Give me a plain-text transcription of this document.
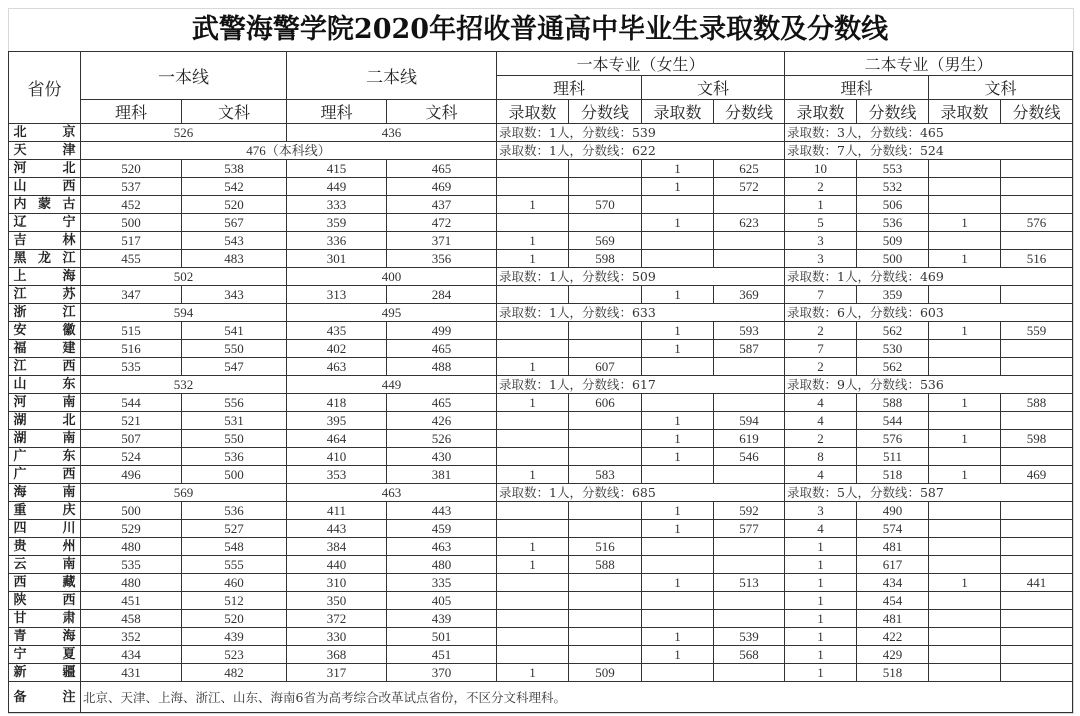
武警海警学院2020年招收普通高中毕业生录取数及分数线
省份	一本线		二本线		一本专业（女生）				二本专业（男生）			
					理科		文科		理科		文科	
	理科	文科	理科	文科	录取数	分数线	录取数	分数线	录取数	分数线	录取数	分数线
北京	526		436		录取数：1人，分数线：539				录取数：3人，分数线：465			
天津	476（本科线）				录取数：1人，分数线：622				录取数：7人，分数线：524			
河北	520	538	415	465			1	625	10	553		
山西	537	542	449	469			1	572	2	532		
内蒙古	452	520	333	437	1	570			1	506		
辽宁	500	567	359	472			1	623	5	536	1	576
吉林	517	543	336	371	1	569			3	509		
黑龙江	455	483	301	356	1	598			3	500	1	516
上海	502		400		录取数：1人，分数线：509				录取数：1人，分数线：469			
江苏	347	343	313	284			1	369	7	359		
浙江	594		495		录取数：1人，分数线：633				录取数：6人，分数线：603			
安徽	515	541	435	499			1	593	2	562	1	559
福建	516	550	402	465			1	587	7	530		
江西	535	547	463	488	1	607			2	562		
山东	532		449		录取数：1人，分数线：617				录取数：9人，分数线：536			
河南	544	556	418	465	1	606			4	588	1	588
湖北	521	531	395	426			1	594	4	544		
湖南	507	550	464	526			1	619	2	576	1	598
广东	524	536	410	430			1	546	8	511		
广西	496	500	353	381	1	583			4	518	1	469
海南	569		463		录取数：1人，分数线：685				录取数：5人，分数线：587			
重庆	500	536	411	443			1	592	3	490		
四川	529	527	443	459			1	577	4	574		
贵州	480	548	384	463	1	516			1	481		
云南	535	555	440	480	1	588			1	617		
西藏	480	460	310	335			1	513	1	434	1	441
陕西	451	512	350	405					1	454		
甘肃	458	520	372	439					1	481		
青海	352	439	330	501			1	539	1	422		
宁夏	434	523	368	451			1	568	1	429		
新疆	431	482	317	370	1	509			1	518		
备注	北京、天津、上海、浙江、山东、海南6省为高考综合改革试点省份，不区分文科理科。											
